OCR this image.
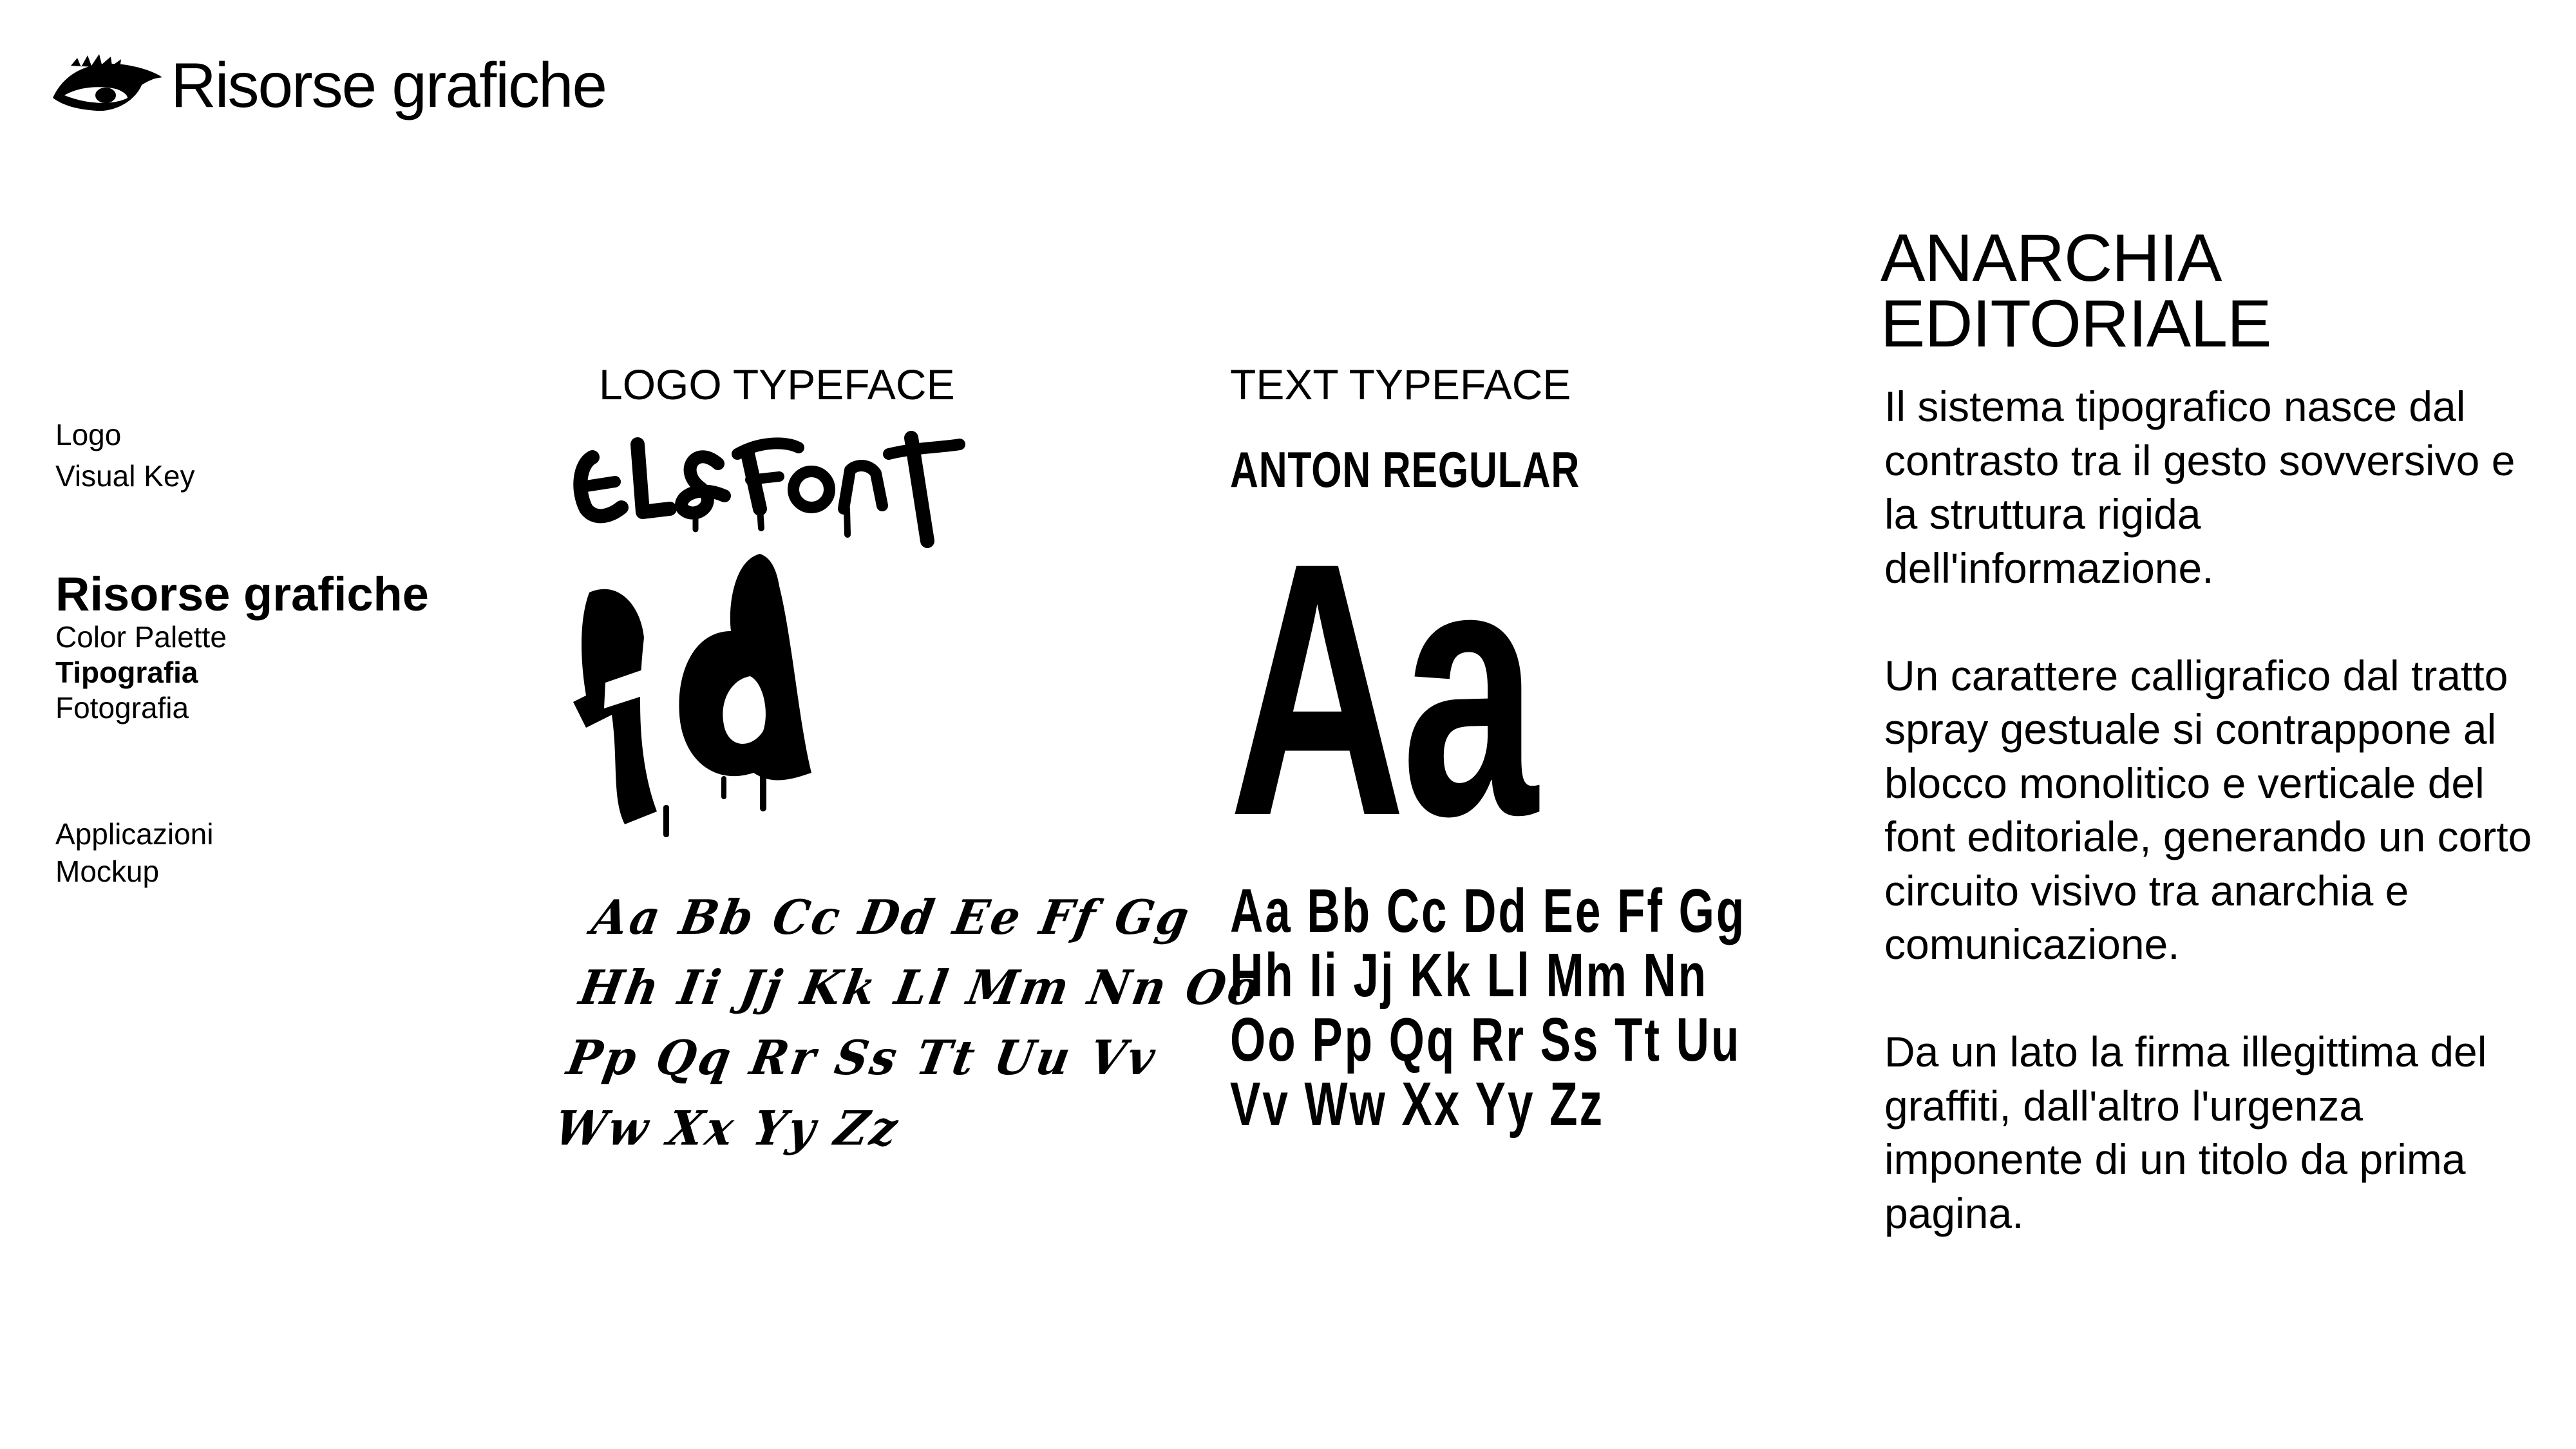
Risorse grafiche
Logo
Visual Key
Risorse grafiche
Color Palette
Tipografia
Fotografia
Applicazioni
Mockup
LOGO TYPEFACE
Aa Bb Cc Dd Ee Ff Gg
Hh Ii Jj Kk Ll Mm Nn Oo
Pp Qq Rr Ss Tt Uu Vv
Ww Xx Yy Zz
TEXT TYPEFACE
ANTON REGULAR
Aa
Aa Bb Cc Dd Ee Ff Gg
Hh Ii Jj Kk Ll Mm Nn
Oo Pp Qq Rr Ss Tt Uu
Vv Ww Xx Yy Zz
ANARCHIA
EDITORIALE

Il sistema tipografico nasce dal contrasto tra il gesto sovversivo e la struttura rigida dell'informazione.

Un carattere calligrafico dal tratto spray gestuale si contrappone al blocco monolitico e verticale del font editoriale, generando un corto circuito visivo tra anarchia e comunicazione.

Da un lato la firma illegittima del graffiti, dall'altro l'urgenza imponente di un titolo da prima pagina.
